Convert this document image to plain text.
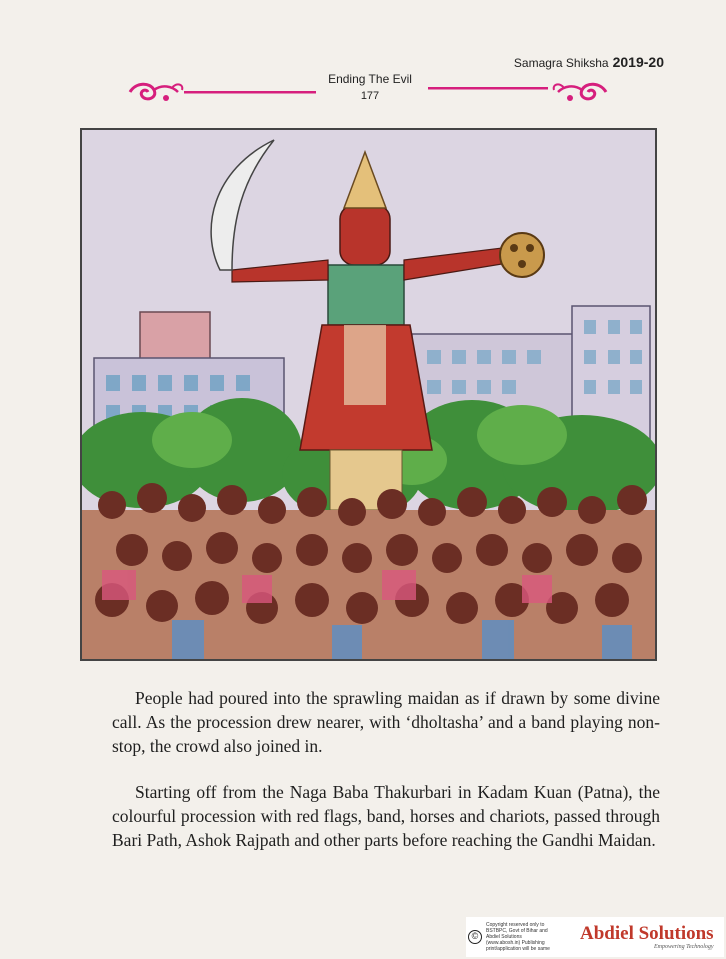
Samagra Shiksha 2019-20
Ending The Evil
177

People had poured into the sprawling maidan as if drawn by some divine call. As the procession drew nearer, with ‘dholtasha’ and a band playing non- stop, the crowd also joined in.

Starting off from the Naga Baba Thakurbari in Kadam Kuan (Patna), the colourful procession with red flags, band, horses and chariots, passed through Bari Path, Ashok Rajpath and other parts before reaching the Gandhi Maidan.

©
Copyright reserved only to
BSTBPC, Govt of Bihar and
Abdiel Solutions
(www.abosh.in) Publishing
print/application will be same
Abdiel Solutions
Empowering Technology
